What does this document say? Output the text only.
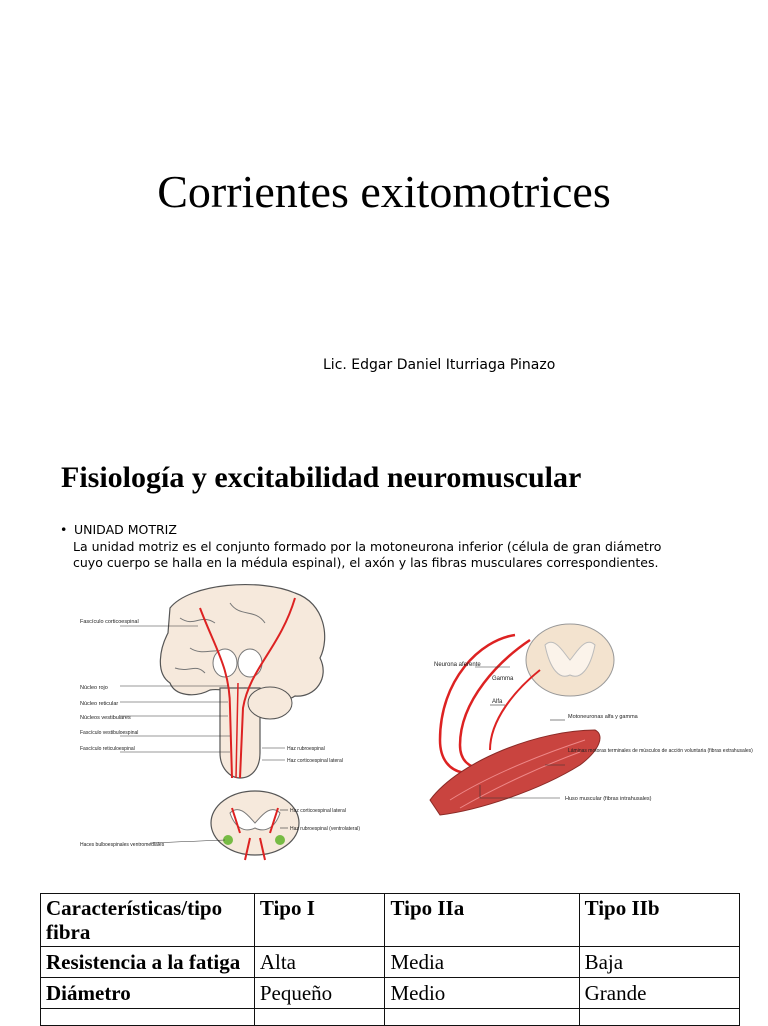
Corrientes exitomotrices
Lic. Edgar Daniel Iturriaga Pinazo
Fisiología y excitabilidad neuromuscular
• UNIDAD MOTRIZ
La unidad motriz es el conjunto formado por la motoneurona inferior (célula de gran diámetro
cuyo cuerpo se halla en la médula espinal), el axón y las fibras musculares correspondientes.
Fascículo corticoespinal
Núcleo rojo
Núcleo reticular
Núcleos vestibulares
Fascículo vestibuloespinal
Fascículo reticuloespinal	Haz rubroespinal
Haz corticoespinal lateral
Haz corticoespinal lateral
Haz rubroespinal (ventrolateral)
Haces bulboespinales ventromediales
Neurona aferente
Gamma
Alfa
Motoneuronas alfa y gamma
Láminas motoras terminales de músculos de acción voluntaria (fibras extrahusales)
Huso muscular (fibras intrahusales)
Características/tipo fibra	Tipo I	Tipo IIa	Tipo IIb
Resistencia a la fatiga	Alta	Media	Baja
Diámetro	Pequeño	Medio	Grande
